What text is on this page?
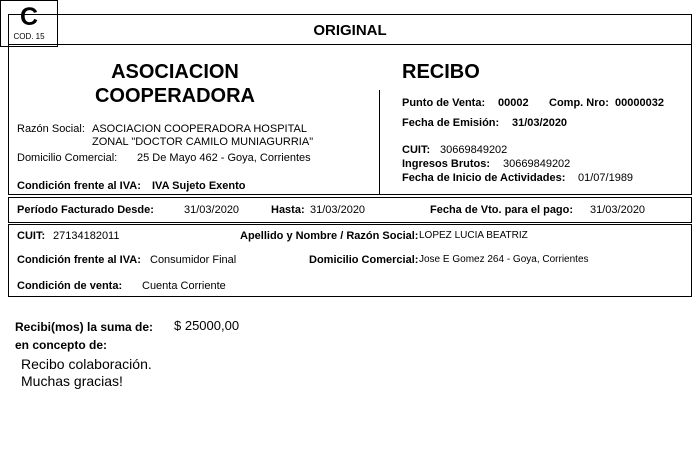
ORIGINAL
C
COD. 15
ASOCIACION
COOPERADORA
Razón Social: ASOCIACION COOPERADORA HOSPITAL
ZONAL "DOCTOR CAMILO MUNIAGURRIA"
Domicilio Comercial: 25 De Mayo 462 - Goya, Corrientes
Condición frente al IVA: IVA Sujeto Exento
RECIBO
Punto de Venta: 00002 Comp. Nro: 00000032
Fecha de Emisión: 31/03/2020
CUIT: 30669849202
Ingresos Brutos: 30669849202
Fecha de Inicio de Actividades: 01/07/1989
Período Facturado Desde:	31/03/2020	Hasta: 31/03/2020	Fecha de Vto. para el pago: 31/03/2020
CUIT: 27134182011	Apellido y Nombre / Razón Social: LOPEZ LUCIA BEATRIZ
Condición frente al IVA: Consumidor Final	Domicilio Comercial: Jose E Gomez 264 - Goya, Corrientes
Condición de venta: Cuenta Corriente
Recibi(mos) la suma de: $ 25000,00
en concepto de:
Recibo colaboración.
Muchas gracias!
